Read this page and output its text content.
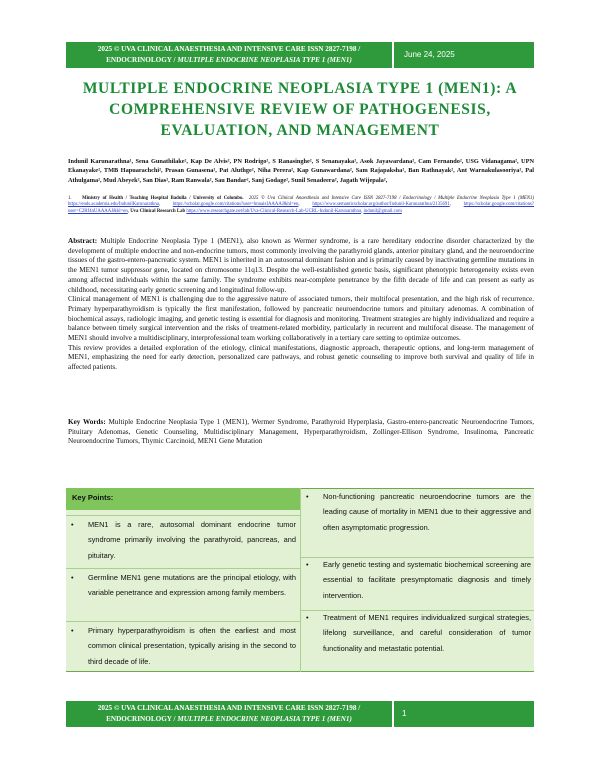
2025 © UVA CLINICAL ANAESTHESIA AND INTENSIVE CARE ISSN 2827-7198 /
ENDOCRINOLOGY / MULTIPLE ENDOCRINE NEOPLASIA TYPE 1 (MEN1)
June 24, 2025
MULTIPLE ENDOCRINE NEOPLASIA TYPE 1 (MEN1): A
COMPREHENSIVE REVIEW OF PATHOGENESIS,
EVALUATION, AND MANAGEMENT
Indunil Karunarathna¹, Sena Gunathilake², Kap De Alvis², PN Rodrigo², S Ranasinghe², S Senanayaka², Asok Jayawardana², Cam Fernando², USG Vidanagama², UPN Ekanayake², TMB Hapuarachchi², Prasan Gunasena², Pat Aluthge², Niha Perera², Kap Gunawardana², Sam Rajapaksha², Ban Rathnayak², Ant Warnakulasooriya², Pal Athulgama², Mud Abeyek², San Dias², Ram Ranwala², Sau Bandar², Sanj Godage², Sunil Senadeera², Jagath Wijepala²,
1. Ministry of Health / Teaching Hospital Badulla / University of Colombo. 2025 © Uva Clinical Anaesthesia and Intensive Care ISSN 2827-7198 / Endocrinology / Multiple Endocrine Neoplasia Type 1 (MEN1) https://ends.academia.edu/IndunilKarunarathna, https://scholar.google.com/citations?user=hnnaisIAAAAJ&hl=en, https://www.semanticscholar.org/author/Indunil-Karunarathna/2135691, https://scholar.google.com/citations?user=C2Rf4nUAAAAJ&hl=en, Uva Clinical Research Lab https://www.researchgate.net/lab/Uva-Clinical-Research-Lab-UCRL-Indunil-Karunarathna, indunil@gmail.com

Abstract: Multiple Endocrine Neoplasia Type 1 (MEN1), also known as Wermer syndrome, is a rare hereditary endocrine disorder characterized by the development of multiple endocrine and non-endocrine tumors, most commonly involving the parathyroid glands, anterior pituitary gland, and the neuroendocrine tissues of the gastro-entero-pancreatic system. MEN1 is inherited in an autosomal dominant fashion and is primarily caused by inactivating germline mutations in the MEN1 tumor suppressor gene, located on chromosome 11q13. Despite the well-established genetic basis, significant phenotypic heterogeneity exists even among affected individuals within the same family. The syndrome exhibits near-complete penetrance by the fifth decade of life and can present as early as childhood, necessitating early genetic screening and longitudinal follow-up.

Clinical management of MEN1 is challenging due to the aggressive nature of associated tumors, their multifocal presentation, and the high risk of recurrence. Primary hyperparathyroidism is typically the first manifestation, followed by pancreatic neuroendocrine tumors and pituitary adenomas. A combination of biochemical assays, radiologic imaging, and genetic testing is essential for diagnosis and monitoring. Treatment strategies are highly individualized and require a balance between timely surgical intervention and the risks of treatment-related morbidity, particularly in recurrent and multifocal disease. The management of MEN1 should involve a multidisciplinary, interprofessional team working collaboratively in a tertiary care setting to optimize outcomes.

This review provides a detailed exploration of the etiology, clinical manifestations, diagnostic approach, therapeutic options, and long-term management of MEN1, emphasizing the need for early detection, personalized care pathways, and robust genetic counseling to improve both survival and quality of life in affected patients.

Key Words: Multiple Endocrine Neoplasia Type 1 (MEN1), Wermer Syndrome, Parathyroid Hyperplasia, Gastro-entero-pancreatic Neuroendocrine Tumors, Pituitary Adenomas, Genetic Counseling, Multidisciplinary Management, Hyperparathyroidism, Zollinger-Ellison Syndrome, Insulinoma, Pancreatic Neuroendocrine Tumors, Thymic Carcinoid, MEN1 Gene Mutation
Key Points:
• MEN1 is a rare, autosomal dominant endocrine tumor syndrome primarily involving the parathyroid, pancreas, and pituitary.
• Germline MEN1 gene mutations are the principal etiology, with variable penetrance and expression among family members.
• Primary hyperparathyroidism is often the earliest and most common clinical presentation, typically arising in the second to third decade of life.
• Non-functioning pancreatic neuroendocrine tumors are the leading cause of mortality in MEN1 due to their aggressive and often asymptomatic progression.
• Early genetic testing and systematic biochemical screening are essential to facilitate presymptomatic diagnosis and timely intervention.
• Treatment of MEN1 requires individualized surgical strategies, lifelong surveillance, and careful consideration of tumor functionality and metastatic potential.
2025 © UVA CLINICAL ANAESTHESIA AND INTENSIVE CARE ISSN 2827-7198 /
ENDOCRINOLOGY / MULTIPLE ENDOCRINE NEOPLASIA TYPE 1 (MEN1)
1
